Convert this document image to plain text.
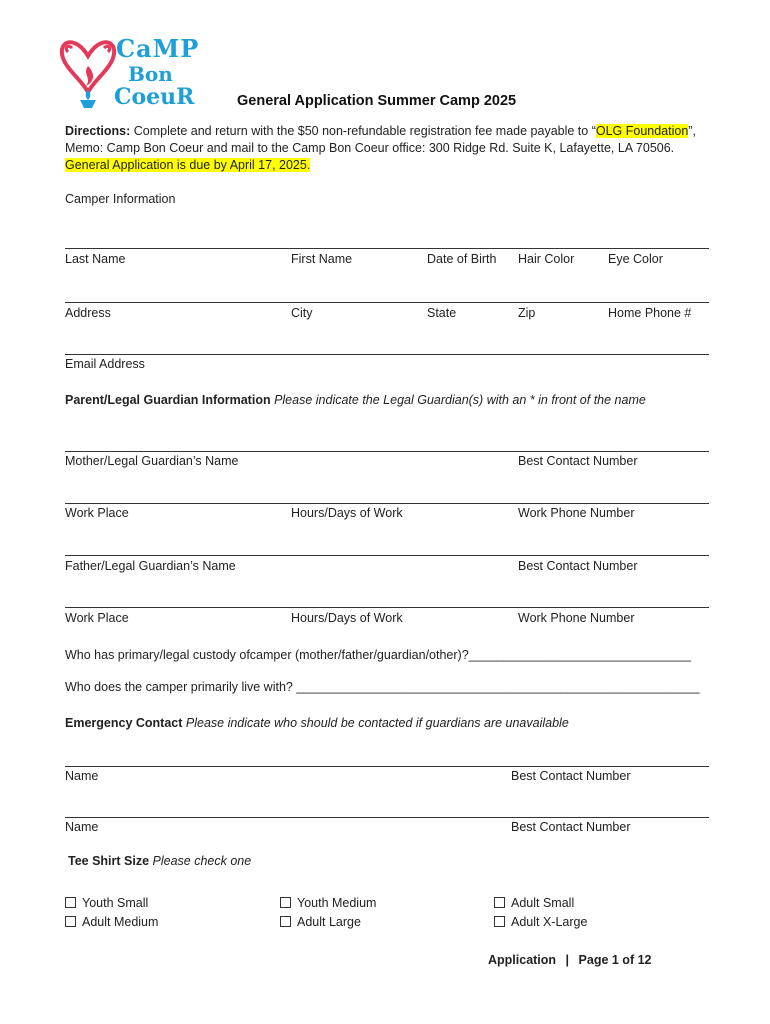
CaMP
Bon
CoeuR	General Application Summer Camp 2025
Directions: Complete and return with the $50 non-refundable registration fee made payable to “OLG Foundation”,
Memo: Camp Bon Coeur and mail to the Camp Bon Coeur office: 300 Ridge Rd. Suite K, Lafayette, LA 70506.
General Application is due by April 17, 2025.
Camper Information
Last Name	First Name	Date of Birth Hair Color	Eye Color
Address	City	State	Zip	Home Phone #
Email Address
Parent/Legal Guardian Information Please indicate the Legal Guardian(s) with an * in front of the name
Mother/Legal Guardian’s Name	Best Contact Number
Work Place	Hours/Days of Work	Work Phone Number
Father/Legal Guardian’s Name	Best Contact Number
Work Place	Hours/Days of Work	Work Phone Number
Who has primary/legal custody ofcamper (mother/father/guardian/other)?________________________________
Who does the camper primarily live with? __________________________________________________________
Emergency Contact Please indicate who should be contacted if guardians are unavailable
Name	Best Contact Number
Name	Best Contact Number
Tee Shirt Size Please check one
Youth Small
Adult Medium
Youth Medium
Adult Large
Adult Small
Adult X-Large
Application | Page 1 of 12
